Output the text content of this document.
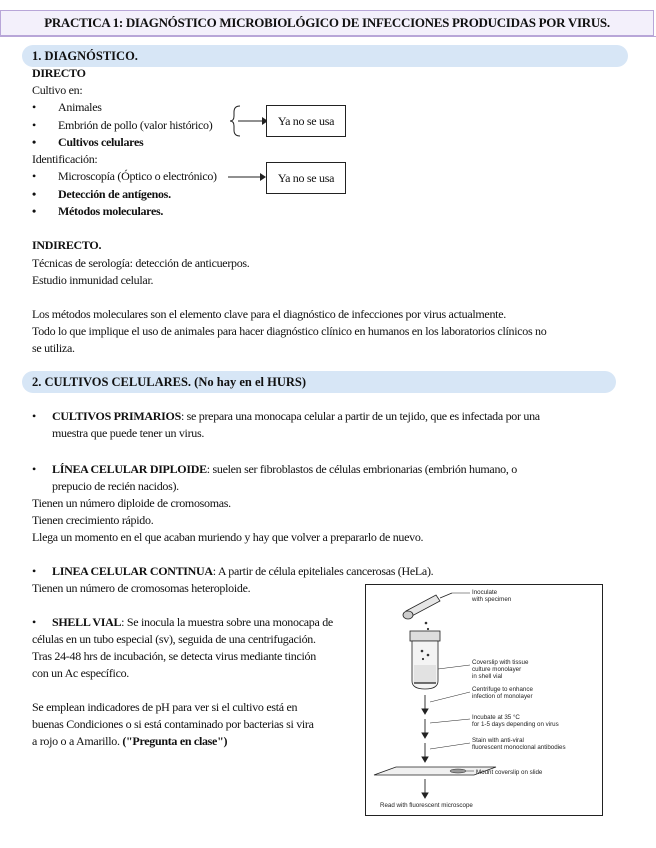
PRACTICA 1: DIAGNÓSTICO MICROBIOLÓGICO DE INFECCIONES PRODUCIDAS POR VIRUS.
1. DIAGNÓSTICO.
DIRECTO
Cultivo en:
• Animales
• Embrión de pollo (valor histórico)
• Cultivos celulares
Ya no se usa
Identificación:
• Microscopía (Óptico o electrónico)
• Detección de antígenos.
• Métodos moleculares.
Ya no se usa
INDIRECTO.
Técnicas de serología: detección de anticuerpos.
Estudio inmunidad celular.
Los métodos moleculares son el elemento clave para el diagnóstico de infecciones por virus actualmente.
Todo lo que implique el uso de animales para hacer diagnóstico clínico en humanos en los laboratorios clínicos no
se utiliza.
2. CULTIVOS CELULARES. (No hay en el HURS)
• CULTIVOS PRIMARIOS: se prepara una monocapa celular a partir de un tejido, que es infectada por una
muestra que puede tener un virus.
• LÍNEA CELULAR DIPLOIDE: suelen ser fibroblastos de células embrionarias (embrión humano, o
prepucio de recién nacidos).
Tienen un número diploide de cromosomas.
Tienen crecimiento rápido.
Llega un momento en el que acaban muriendo y hay que volver a prepararlo de nuevo.
• LINEA CELULAR CONTINUA: A partir de célula epiteliales cancerosas (HeLa).
Tienen un número de cromosomas heteroploide.
• SHELL VIAL: Se inocula la muestra sobre una monocapa de
células en un tubo especial (sv), seguida de una centrifugación.
Tras 24-48 hrs de incubación, se detecta virus mediante tinción
con un Ac específico.
Se emplean indicadores de pH para ver si el cultivo está en
buenas Condiciones o si está contaminado por bacterias si vira
a rojo o a Amarillo. ("Pregunta en clase")
Inoculate
with specimen
Coverslip with tissue
culture monolayer
in shell vial
Centrifuge to enhance
infection of monolayer
Incubate at 35 °C
for 1-5 days depending on virus
Stain with anti-viral
fluorescent monoclonal antibodies
Mount coverslip on slide
Read with fluorescent microscope
